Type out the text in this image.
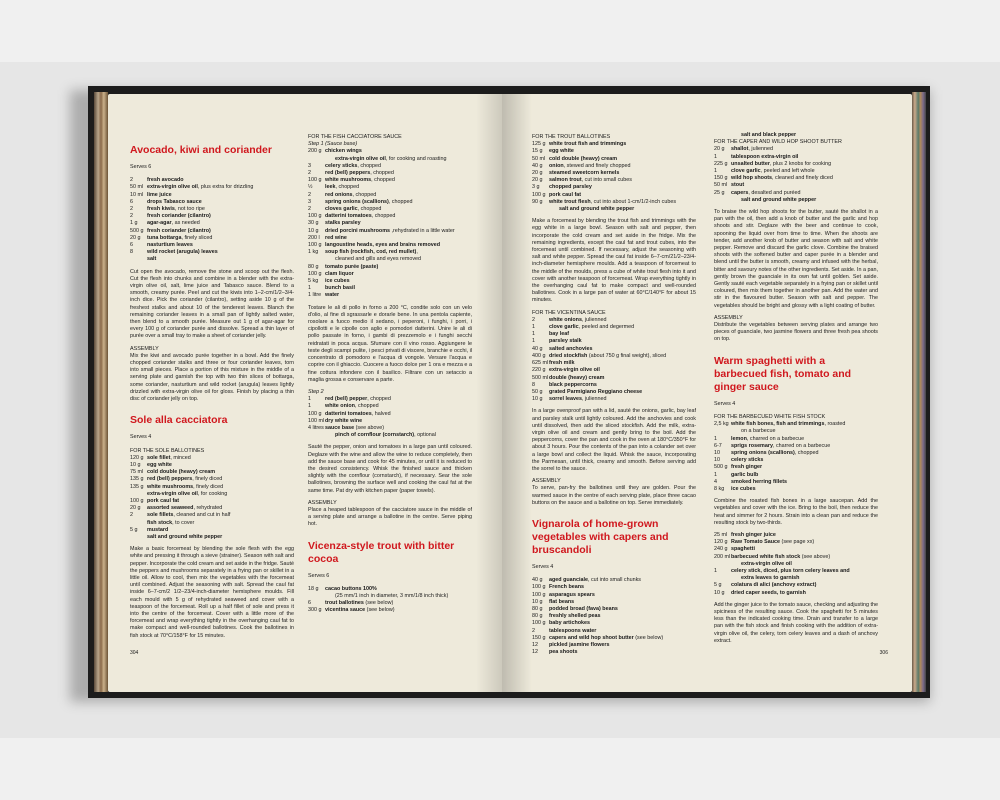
Avocado, kiwi and coriander
Serves 6
2	fresh avocado
50 ml extra-virgin olive oil, plus extra for drizzling
10 ml lime juice
6	drops Tabasco sauce
2	fresh kiwis, not too ripe
2	fresh coriander (cilantro)
1 g	agar-agar, as needed
500 g fresh coriander (cilantro)
20 g	tuna bottarga, finely sliced
6	nasturtium leaves
8	wild rocket (arugula) leaves
salt

Cut open the avocado, remove the stone and scoop out the flesh. Cut the flesh into chunks and combine in a blender with the extra-virgin olive oil, salt, lime juice and Tabasco sauce. Blend to a smooth, creamy purée. Peel and cut the kiwis into 1–2-cm/1/2–3/4-inch dice. Pick the coriander (cilantro), setting aside 10 g of the freshest stalks and about 10 of the tenderest leaves. Blanch the remaining coriander leaves in a small pan of lightly salted water, then blend to a smooth purée. Measure out 1 g of agar-agar for every 100 g of coriander purée and dissolve. Spread a thin layer of purée over a small tray to make a sheet of coriander jelly.

ASSEMBLY

Mix the kiwi and avocado purée together in a bowl. Add the finely chopped coriander stalks and three or four coriander leaves, torn into small pieces. Place a portion of this mixture in the middle of a serving plate and garnish the top with two thin slices of bottarga, some coriander, nasturtium and wild rocket (arugula) leaves lightly drizzled with extra-virgin olive oil for gloss. Finish by placing a thin disc of coriander jelly on top.

Sole alla cacciatora
Serves 4
FOR THE SOLE BALLOTINES
120 g sole fillet, minced
10 g	egg white
75 ml cold double (heavy) cream
135 g red (bell) peppers, finely diced
135 g white mushrooms, finely diced
extra-virgin olive oil, for cooking
100 g pork caul fat
20 g	assorted seaweed, rehydrated
2	sole fillets, cleaned and cut in half
fish stock, to cover
5 g	mustard
salt and ground white pepper

Make a basic forcemeat by blending the sole flesh with the egg white and pressing it through a sieve (strainer). Season with salt and pepper. Incorporate the cold cream and set aside in the fridge. Sauté the peppers and mushrooms separately in a frying pan or skillet in a little oil. Allow to cool, then mix the vegetables with the forcemeat until combined. Adjust the seasoning with salt. Spread the caul fat inside 6–7-cm/2 1/2–23/4-inch-diameter hemisphere moulds. Fill each mould with 5 g of rehydrated seaweed and cover with a teaspoon of the forcemeat. Roll up a half fillet of sole and press it into the centre of the forcemeat. Cover with a little more of the forcemeat and wrap everything tightly in the overhanging caul fat to make compact and well-rounded ballotines. Cook the ballotines in fish stock at 70°C/158°F for 15 minutes.

FOR THE FISH CACCIATORE SAUCE
Step 1 (Sauce base)
200 g chicken wings
extra-virgin olive oil, for cooking and roasting
3	celery sticks, chopped
2	red (bell) peppers, chopped
100 g white mushrooms, chopped
½	leek, chopped
2	red onions, chopped
3	spring onions (scallions), chopped
2	cloves garlic, chopped
100 g datterini tomatoes, chopped
30 g	stalks parsley
10 g	dried porcini mushrooms ,rehydrated in a little water
200 l red wine
100 g langoustine heads, eyes and brains removed
1 kg	soup fish (rockfish, cod, red mullet),
cleaned and gills and eyes removed
80 g	tomato purée (paste)
100 g clam liquor
5 kg	ice cubes
1	bunch basil
1 litre water

Tostare le ali di pollo in forno a 200 °C, condite solo con un velo d'olio, al fine di sgrassarle e dorarle bene. In una pentola capiente, rosolare a fuoco medio il sedano, i peperoni, i funghi, i porri, i cipollotti e le cipolle con aglio e pomodori datterini. Unire le ali di pollo passate in forno, i gambi di prezzemolo e i funghi secchi reidratati in poca acqua. Sfumare con il vino rosso. Aggiungere le teste degli scampi pulite, i pesci privati di viscere, branchie e occhi, il concentrato di pomodoro e l'acqua di vongole. Versare l'acqua e coprire con il ghiaccio. Cuocere a fuoco dolce per 1 ora e mezza e a fine cottura infondere con il basilico. Filtrare con un setaccio a maglia grossa e conservare a parte.

Step 2
1	red (bell) pepper, chopped
1	white onion, chopped
100 g datterini tomatoes, halved
100 ml dry white wine
4 litres sauce base (see above)
pinch of cornflour (cornstarch), optional

Sauté the pepper, onion and tomatoes in a large pan until coloured. Deglaze with the wine and allow the wine to reduce completely, then add the sauce base and cook for 45 minutes, or until it is reduced to the desired consistency. Whisk the finished sauce and thicken slightly with the cornflour (cornstarch), if necessary. Sear the sole ballotines, browning the surface well and cooking the caul fat at the same time. Pat dry with kitchen paper (paper towels).

ASSEMBLY

Place a heaped tablespoon of the cacciatore sauce in the middle of a serving plate and arrange a ballotine in the centre. Serve piping hot.

Vicenza-style trout with bitter cocoa
Serves 6
18 g	cacao buttons 100%
(25 mm/1 inch in diameter, 3 mm/1/8 inch thick)
6	trout ballotines (see below)
300 g vicentina sauce (see below)
304
FOR THE TROUT BALLOTINES
125 g white trout fish and trimmings
15 g	egg white
50 ml cold double (heavy) cream
40 g	onion, stewed and finely chopped
20 g	steamed sweetcorn kernels
20 g	salmon trout, cut into small cubes
3 g	chopped parsley
100 g pork caul fat
90 g	white trout flesh, cut into about 1-cm/1/2-inch cubes
salt and ground white pepper

Make a forcemeat by blending the trout fish and trimmings with the egg white in a large bowl. Season with salt and pepper, then incorporate the cold cream and set aside in the fridge. Mix the remaining ingredients, except the caul fat and trout cubes, into the forcemeat until combined. If necessary, adjust the seasoning with salt and white pepper. Spread the caul fat inside 6–7-cm/21/2–23/4-inch-diameter hemisphere moulds. Add a teaspoon of forcemeat to the middle of the moulds, press a cube of white trout flesh into it and cover with another teaspoon of forcemeat. Wrap everything tightly in the overhanging caul fat to make compact and well-rounded ballotines. Cook in a large pan of water at 60°C/140°F for about 15 minutes.

FOR THE VICENTINA SAUCE
2	white onions, julienned
1	clove garlic, peeled and degermed
1	bay leaf
1	parsley stalk
40 g	salted anchovies
400 g dried stockfish (about 750 g final weight), sliced
625 ml fresh milk
220 g extra-virgin olive oil
500 ml double (heavy) cream
8	black peppercorns
50 g	grated Parmigiano Reggiano cheese
10 g	sorrel leaves, julienned

In a large ovenproof pan with a lid, sauté the onions, garlic, bay leaf and parsley stalk until lightly coloured. Add the anchovies and cook until dissolved, then add the sliced stockfish. Add the milk, extra-virgin olive oil and cream and gently bring to the boil. Add the peppercorns, cover the pan and cook in the oven at 180°C/350°F for about 3 hours. Pour the contents of the pan into a colander set over a large bowl and collect the liquid. Whisk the sauce, incorporating the Parmesan, until thick, creamy and smooth. Before serving add the sorrel to the sauce.

ASSEMBLY

To serve, pan-fry the ballotines until they are golden. Pour the warmed sauce in the centre of each serving plate, place three cacao buttons on the sauce and a ballotine on top. Serve immediately.

Vignarola of home-grown vegetables with capers and bruscandoli
Serves 4
40 g	aged guanciale, cut into small chunks
100 g French beans
100 g asparagus spears
10 g	flat beans
80 g	podded broad (fava) beans
80 g	freshly shelled peas
100 g baby artichokes
2	tablespoons water
150 g capers and wild hop shoot butter (see below)
12	pickled jasmine flowers
12	pea shoots
salt and black pepper
FOR THE CAPER AND WILD HOP SHOOT BUTTER
20 g	shallot, julienned
1	tablespoon extra-virgin oil
225 g unsalted butter, plus 2 knobs for cooking
1	clove garlic, peeled and left whole
150 g wild hop shoots, cleaned and finely diced
50 ml stout
25 g	capers, desalted and puréed
salt and ground white pepper

To braise the wild hop shoots for the butter, sauté the shallot in a pan with the oil, then add a knob of butter and the garlic and hop shoots and stir. Deglaze with the beer and continue to cook, spooning the liquid over from time to time. When the shoots are tender, add another knob of butter and season with salt and white pepper. Remove and discard the garlic clove. Combine the braised shoots with the softened butter and caper purée in a blender and blend until the butter is smooth, creamy and infused with the herbal, bitter and savoury notes of the other ingredients. Set aside. In a pan, gently brown the guanciale in its own fat until golden. Set aside. Gently sauté each vegetable separately in a frying pan or skillet until coloured, then mix them together in another pan. Add the water and stir in the flavoured butter. Season with salt and pepper. The vegetables should be bright and glossy with a light coating of butter.

ASSEMBLY

Distribute the vegetables between serving plates and arrange two pieces of guanciale, two jasmine flowers and three fresh pea shoots on top.

Warm spaghetti with a barbecued fish, tomato and ginger sauce
Serves 4
FOR THE BARBECUED WHITE FISH STOCK
2,5 kg white fish bones, fish and trimmings, roasted
on a barbecue
1	lemon, charred on a barbecue
6-7	sprigs rosemary, charred on a barbecue
10	spring onions (scallions), chopped
10	celery sticks
500 g fresh ginger
1	garlic bulb
4	smoked herring fillets
8 kg	ice cubes

Combine the roasted fish bones in a large saucepan. Add the vegetables and cover with the ice. Bring to the boil, then reduce the heat and simmer for 2 hours. Strain into a clean pan and reduce the resulting stock by two-thirds.

25 ml fresh ginger juice
120 g Raw Tomato Sauce (see page xx)
240 g spaghetti
200 ml barbecued white fish stock (see above)
extra-virgin olive oil
1	celery stick, diced, plus torn celery leaves and
extra leaves to garnish
5 g	colatura di alici (anchovy extract)
10 g	dried caper seeds, to garnish

Add the ginger juice to the tomato sauce, checking and adjusting the spiciness of the resulting sauce. Cook the spaghetti for 5 minutes less than the indicated cooking time. Drain and transfer to a large pan with the fish stock and finish cooking with the addition of extra-virgin olive oil, the celery, torn celery leaves and a dash of anchovy extract.

306
